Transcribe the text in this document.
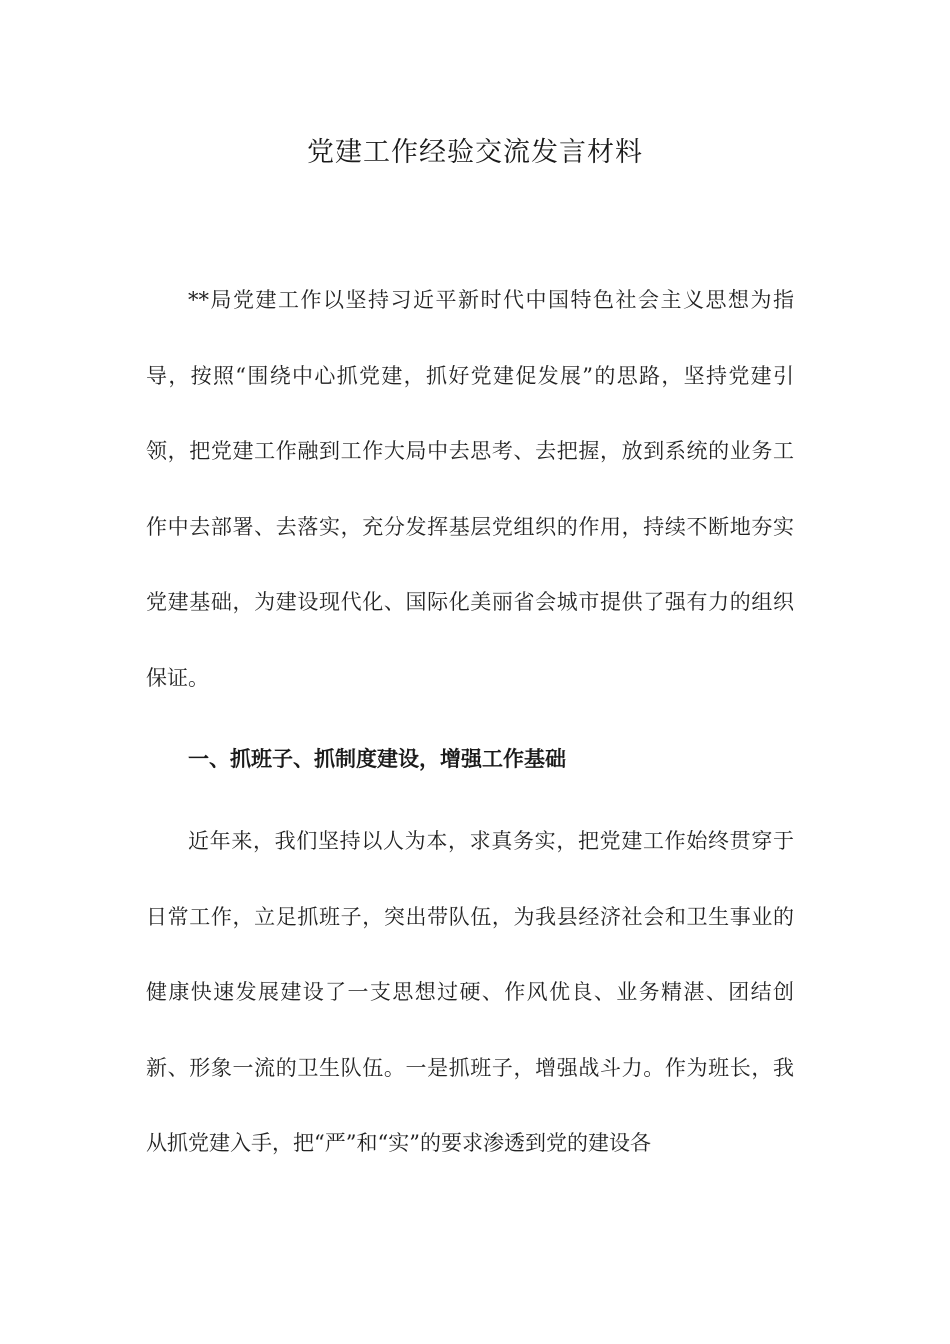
党建工作经验交流发言材料

**局党建工作以坚持习近平新时代中国特色社会主义思想为指导，按照“围绕中心抓党建，抓好党建促发展”的思路，坚持党建引领，把党建工作融到工作大局中去思考、去把握，放到系统的业务工作中去部署、去落实，充分发挥基层党组织的作用，持续不断地夯实党建基础，为建设现代化、国际化美丽省会城市提供了强有力的组织保证。

一、抓班子、抓制度建设，增强工作基础

近年来，我们坚持以人为本，求真务实，把党建工作始终贯穿于日常工作，立足抓班子，突出带队伍，为我县经济社会和卫生事业的健康快速发展建设了一支思想过硬、作风优良、业务精湛、团结创新、形象一流的卫生队伍。一是抓班子，增强战斗力。作为班长，我从抓党建入手，把“严”和“实”的要求渗透到党的建设各
